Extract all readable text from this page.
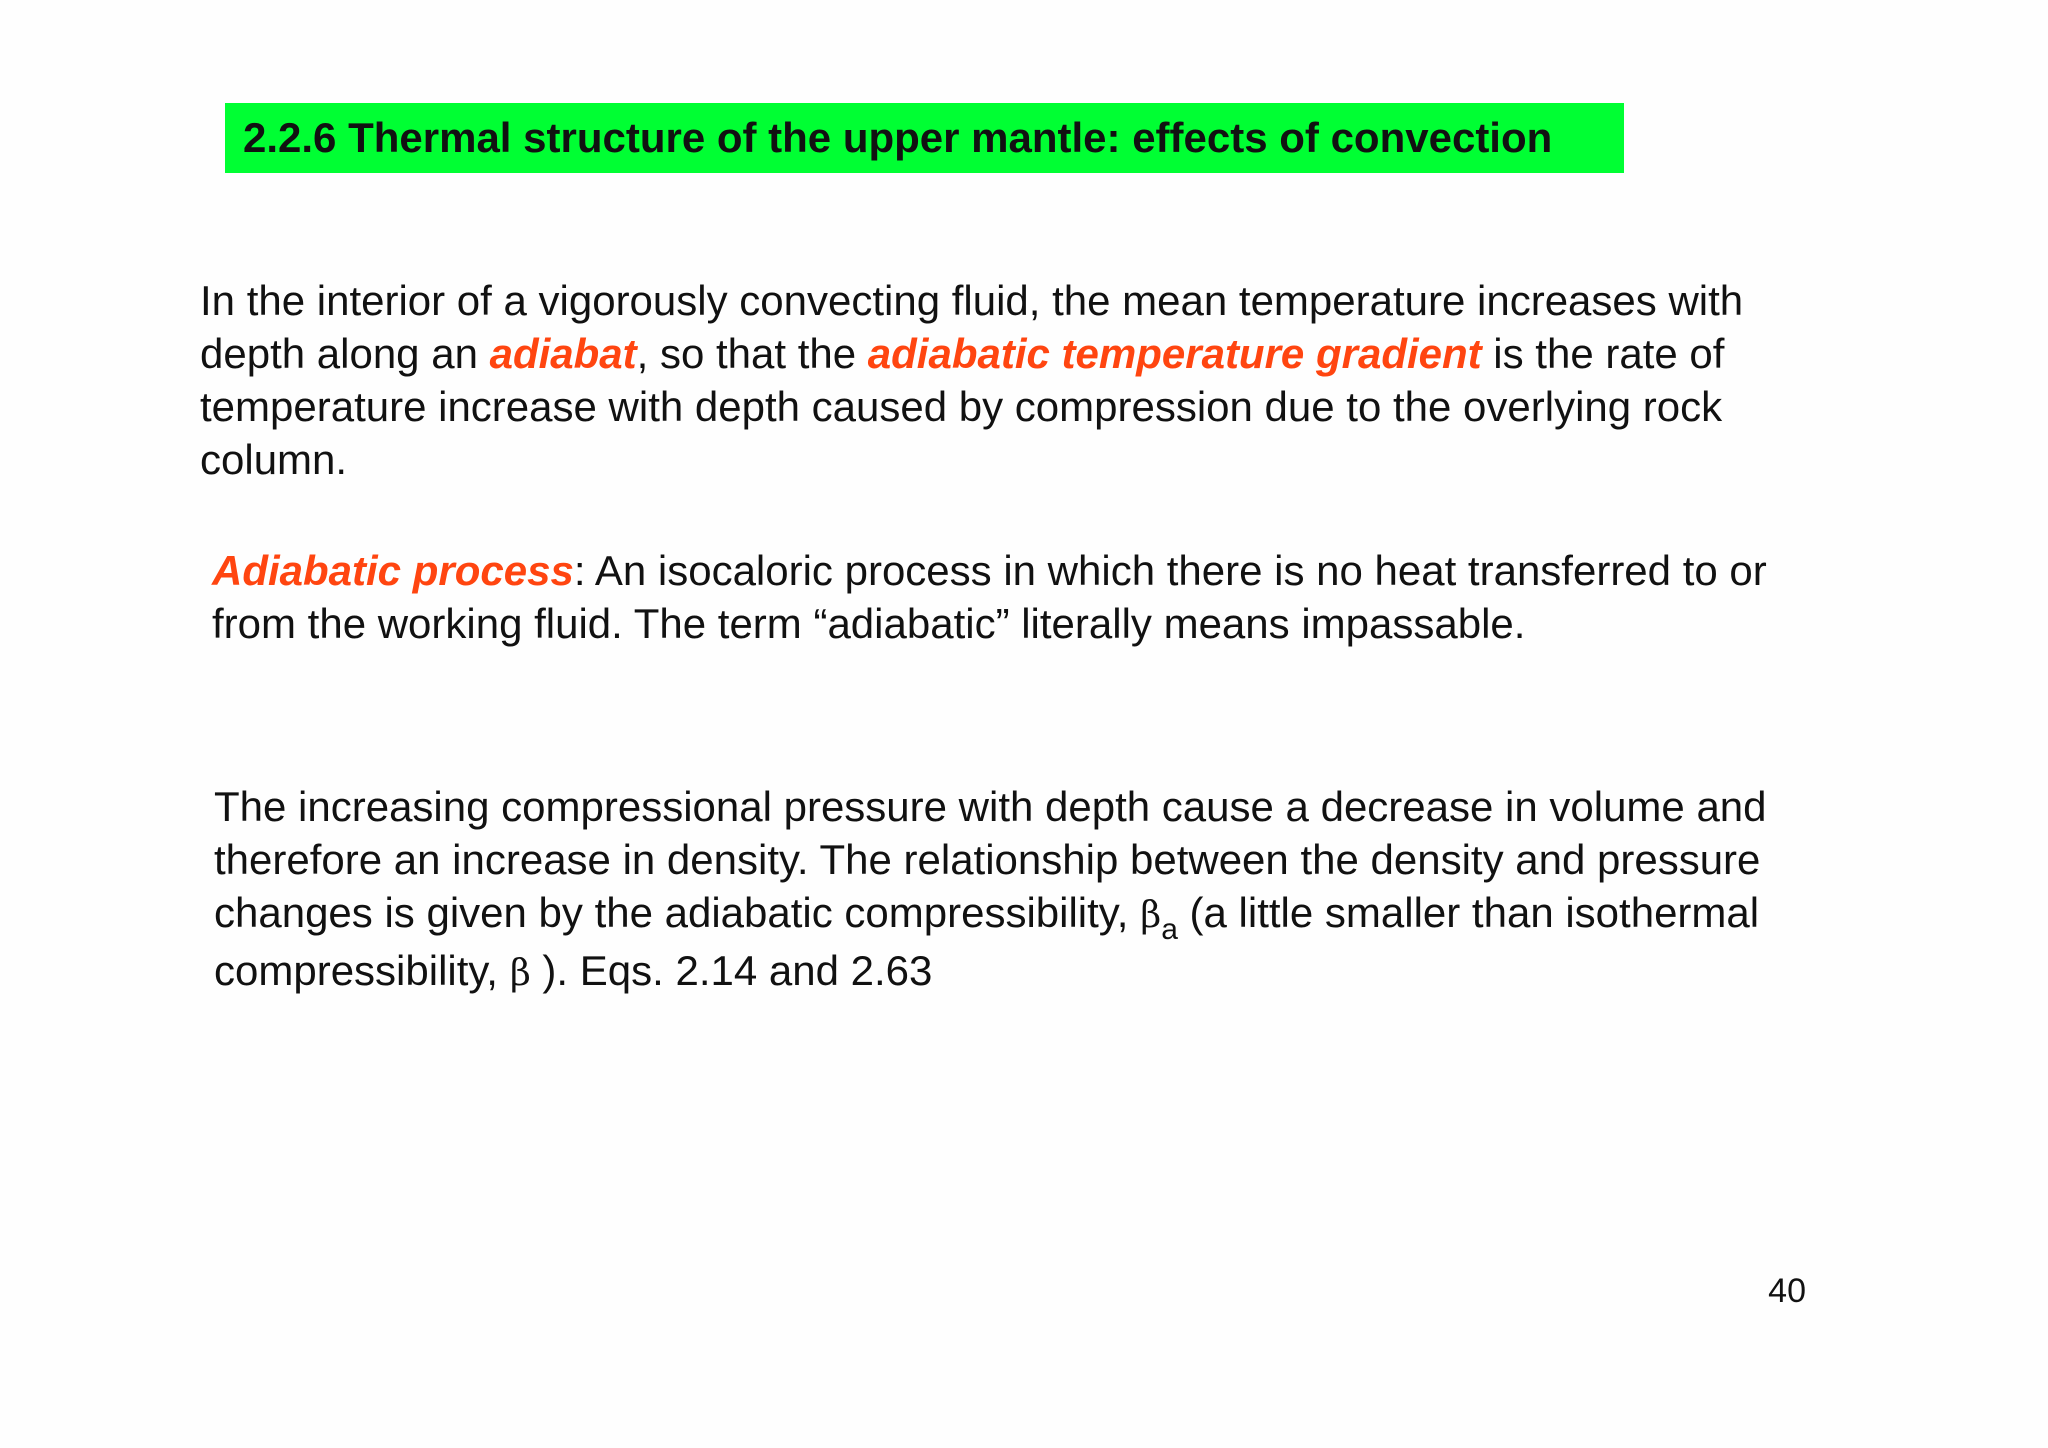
2.2.6 Thermal structure of the upper mantle: effects of convection
In the interior of a vigorously convecting fluid, the mean temperature increases with depth along an adiabat, so that the adiabatic temperature gradient is the rate of temperature increase with depth caused by compression due to the overlying rock column.
Adiabatic process: An isocaloric process in which there is no heat transferred to or from the working fluid. The term “adiabatic” literally means impassable.
The increasing compressional pressure with depth cause a decrease in volume and therefore an increase in density. The relationship between the density and pressure changes is given by the adiabatic compressibility, $\beta_a$ (a little smaller than isothermal compressibility, β ). Eqs. 2.14 and 2.63
40
